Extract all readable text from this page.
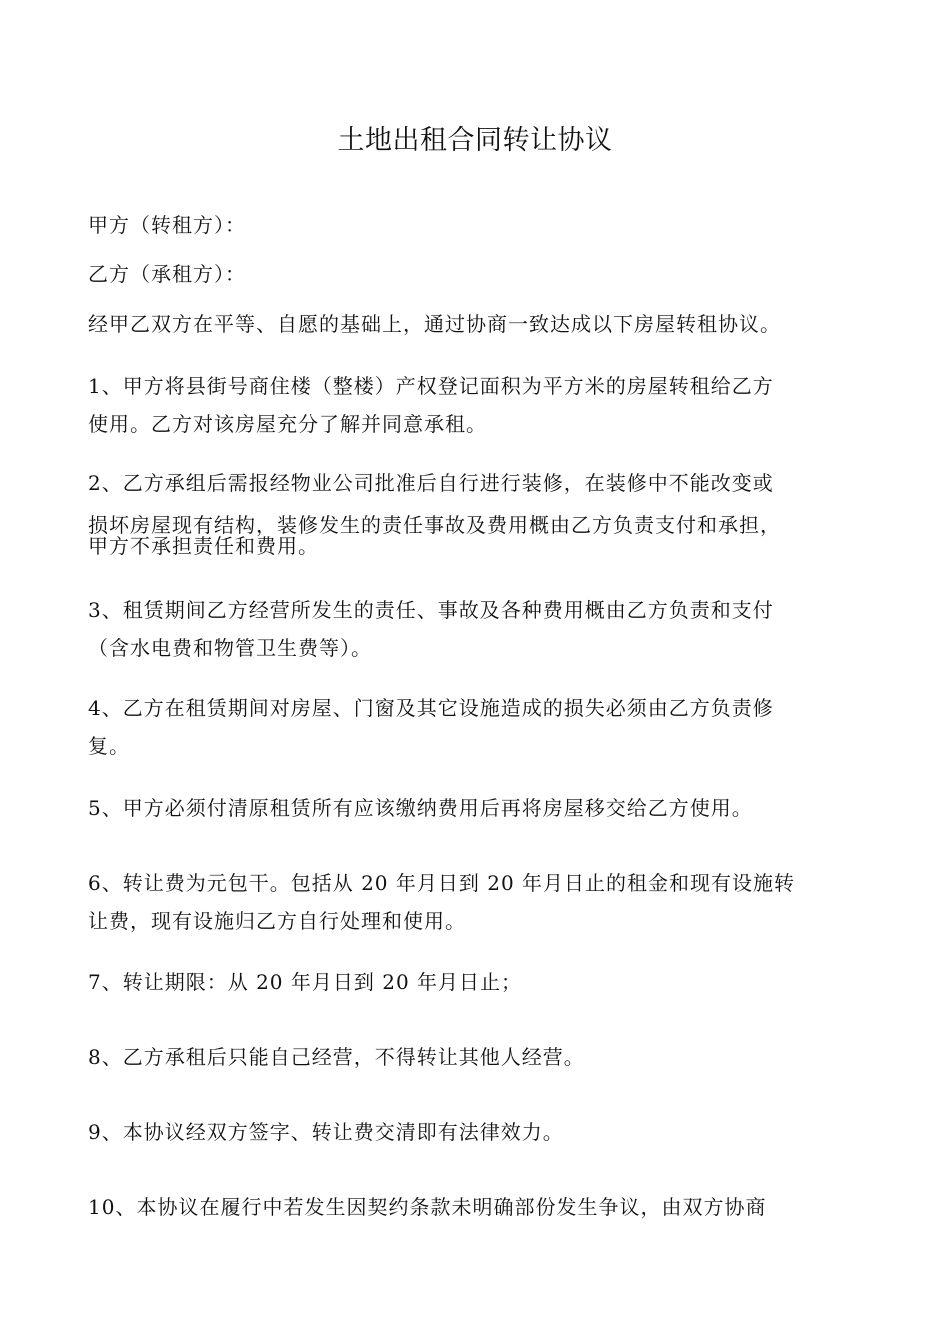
土地出租合同转让协议
甲方（转租方）：
乙方（承租方）：
经甲乙双方在平等、自愿的基础上，通过协商一致达成以下房屋转租协议。
1、甲方将县街号商住楼（整楼）产权登记面积为平方米的房屋转租给乙方
使用。乙方对该房屋充分了解并同意承租。
2、乙方承组后需报经物业公司批准后自行进行装修，在装修中不能改变或
损坏房屋现有结构，装修发生的责任事故及费用概由乙方负责支付和承担，
甲方不承担责任和费用。
3、租赁期间乙方经营所发生的责任、事故及各种费用概由乙方负责和支付
（含水电费和物管卫生费等）。
4、乙方在租赁期间对房屋、门窗及其它设施造成的损失必须由乙方负责修
复。
5、甲方必须付清原租赁所有应该缴纳费用后再将房屋移交给乙方使用。
6、转让费为元包干。包括从 20 年月日到 20 年月日止的租金和现有设施转
让费，现有设施归乙方自行处理和使用。
7、转让期限：从 20 年月日到 20 年月日止；
8、乙方承租后只能自己经营，不得转让其他人经营。
9、本协议经双方签字、转让费交清即有法律效力。
10、本协议在履行中若发生因契约条款未明确部份发生争议，由双方协商
